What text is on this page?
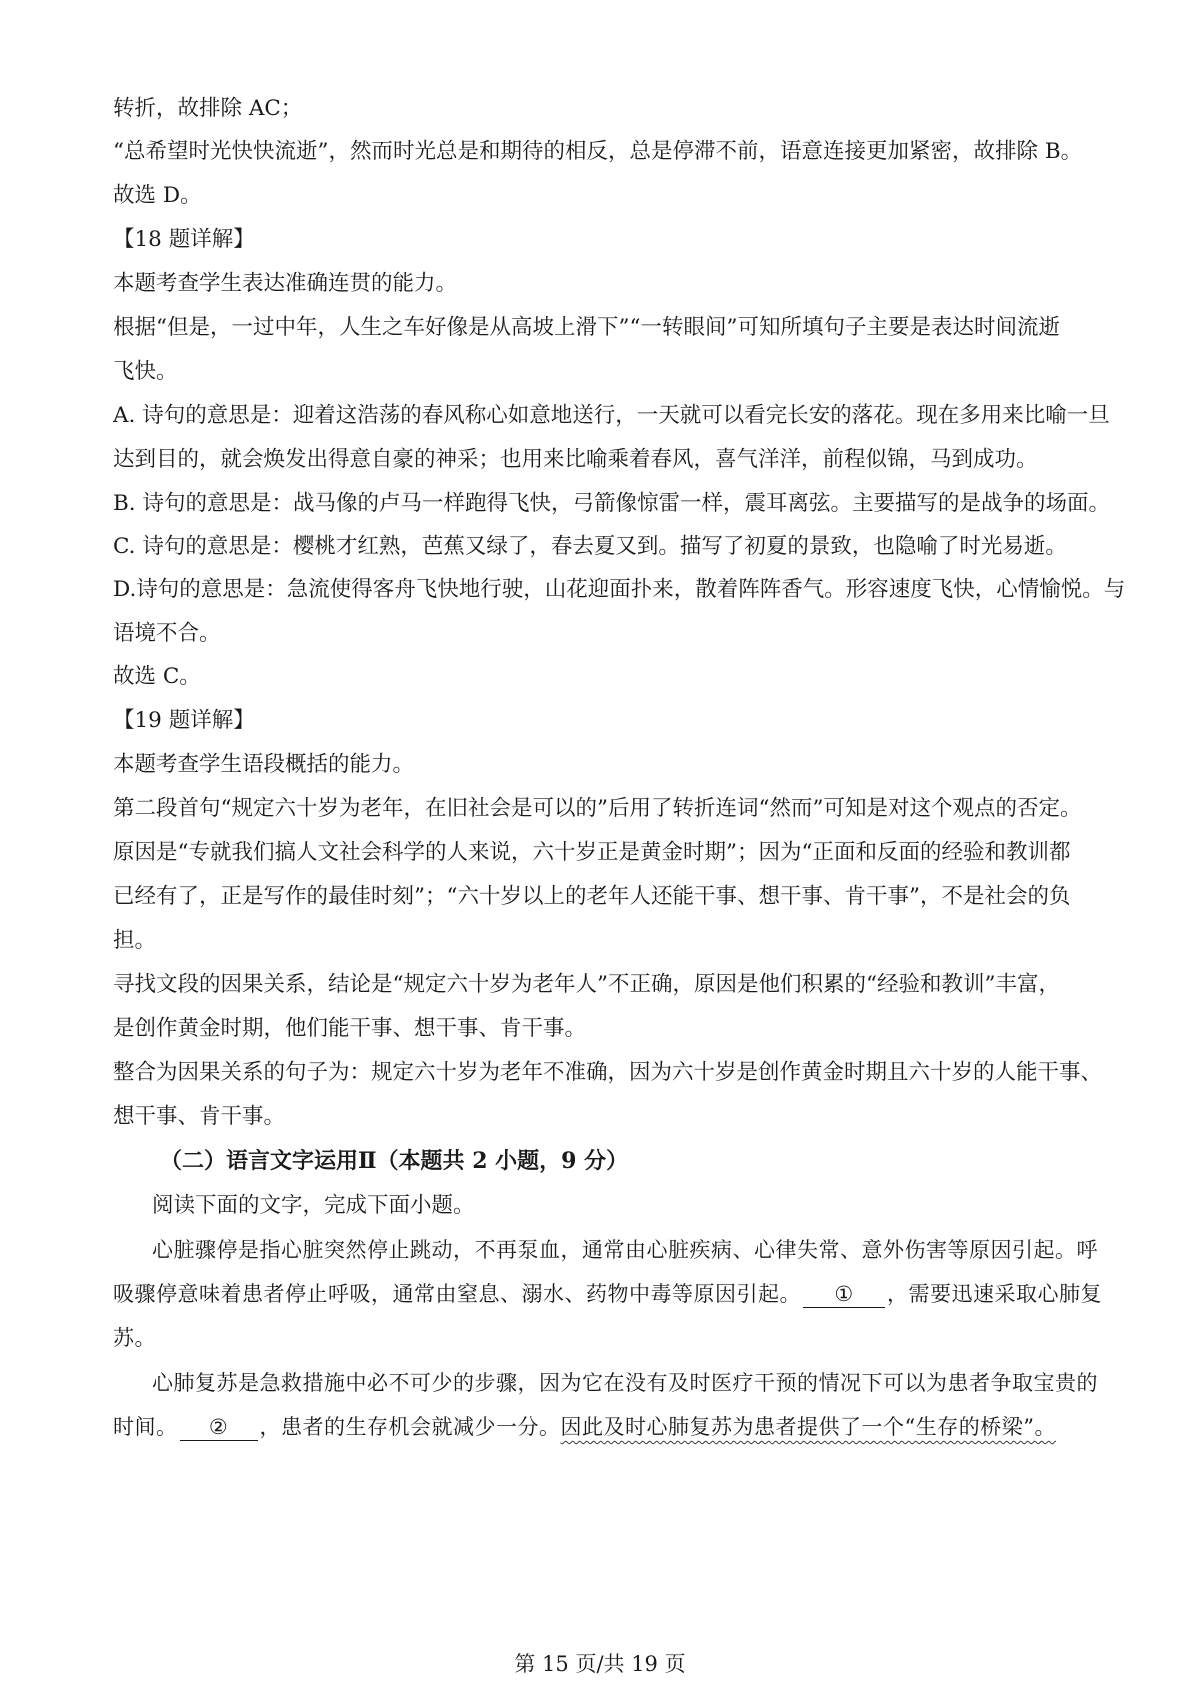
转折，故排除 AC；
“总希望时光快快流逝”，然而时光总是和期待的相反，总是停滞不前，语意连接更加紧密，故排除 B。
故选 D。
【18 题详解】
本题考查学生表达准确连贯的能力。
根据“但是，一过中年，人生之车好像是从高坡上滑下”“一转眼间”可知所填句子主要是表达时间流逝
飞快。
A. 诗句的意思是：迎着这浩荡的春风称心如意地送行，一天就可以看完长安的落花。现在多用来比喻一旦
达到目的，就会焕发出得意自豪的神采；也用来比喻乘着春风，喜气洋洋，前程似锦，马到成功。
B. 诗句的意思是：战马像的卢马一样跑得飞快，弓箭像惊雷一样，震耳离弦。主要描写的是战争的场面。
C. 诗句的意思是：樱桃才红熟，芭蕉又绿了，春去夏又到。描写了初夏的景致，也隐喻了时光易逝。
D.诗句的意思是：急流使得客舟飞快地行驶，山花迎面扑来，散着阵阵香气。形容速度飞快，心情愉悦。与
语境不合。
故选 C。
【19 题详解】
本题考查学生语段概括的能力。
第二段首句“规定六十岁为老年，在旧社会是可以的”后用了转折连词“然而”可知是对这个观点的否定。
原因是“专就我们搞人文社会科学的人来说，六十岁正是黄金时期”；因为“正面和反面的经验和教训都
已经有了，正是写作的最佳时刻”；“六十岁以上的老年人还能干事、想干事、肯干事”，不是社会的负
担。
寻找文段的因果关系，结论是“规定六十岁为老年人”不正确，原因是他们积累的“经验和教训”丰富，
是创作黄金时期，他们能干事、想干事、肯干事。
整合为因果关系的句子为：规定六十岁为老年不准确，因为六十岁是创作黄金时期且六十岁的人能干事、
想干事、肯干事。
（二）语言文字运用Ⅱ（本题共 2 小题，9 分）
阅读下面的文字，完成下面小题。
心脏骤停是指心脏突然停止跳动，不再泵血，通常由心脏疾病、心律失常、意外伤害等原因引起。呼
吸骤停意味着患者停止呼吸，通常由窒息、溺水、药物中毒等原因引起。 ① ，需要迅速采取心肺复
苏。
心肺复苏是急救措施中必不可少的步骤，因为它在没有及时医疗干预的情况下可以为患者争取宝贵的
时间。 ② ，患者的生存机会就减少一分。因此及时心肺复苏为患者提供了一个“生存的桥梁”。
第 15 页/共 19 页
